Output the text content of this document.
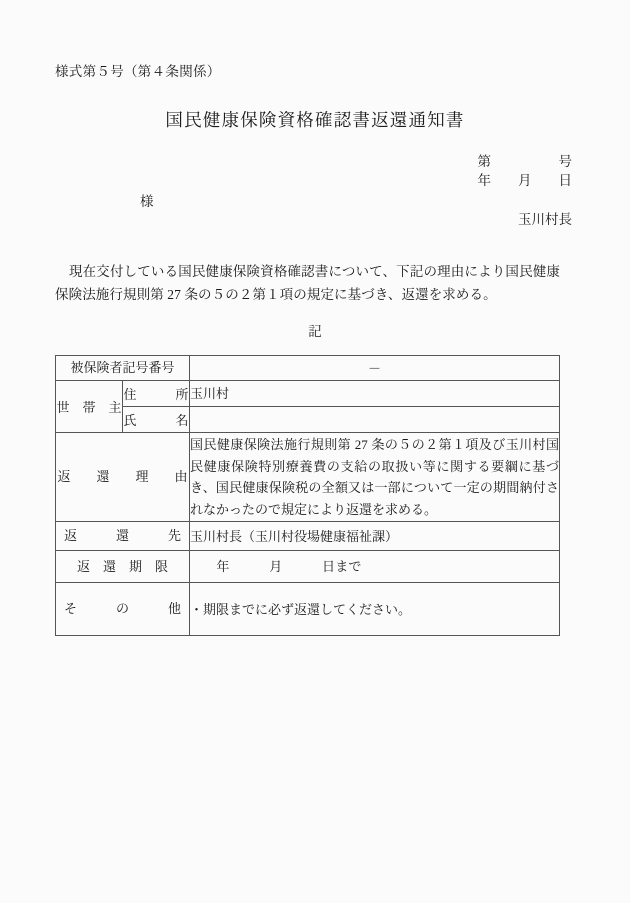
様式第５号（第４条関係）
国民健康保険資格確認書返還通知書
第　　　　　号
年　　月　　日
様
玉川村長
現在交付している国民健康保険資格確認書について、下記の理由により国民健康保険法施行規則第 27 条の５の２第１項の規定に基づき、返還を求める。
記
被保険者記号番号		－
世　帯　主	住　　　所	玉川村
	氏　　　名	
返　　還　　理　　由		国民健康保険法施行規則第 27 条の５の２第１項及び玉川村国民健康保険特別療養費の支給の取扱い等に関する要綱に基づき、国民健康保険税の全額又は一部について一定の期間納付されなかったので規定により返還を求める。
返　　　還　　　先		玉川村長（玉川村役場健康福祉課）
返　還　期　限		　　年　　　月　　　日まで
そ　　　の　　　他		・期限までに必ず返還してください。
